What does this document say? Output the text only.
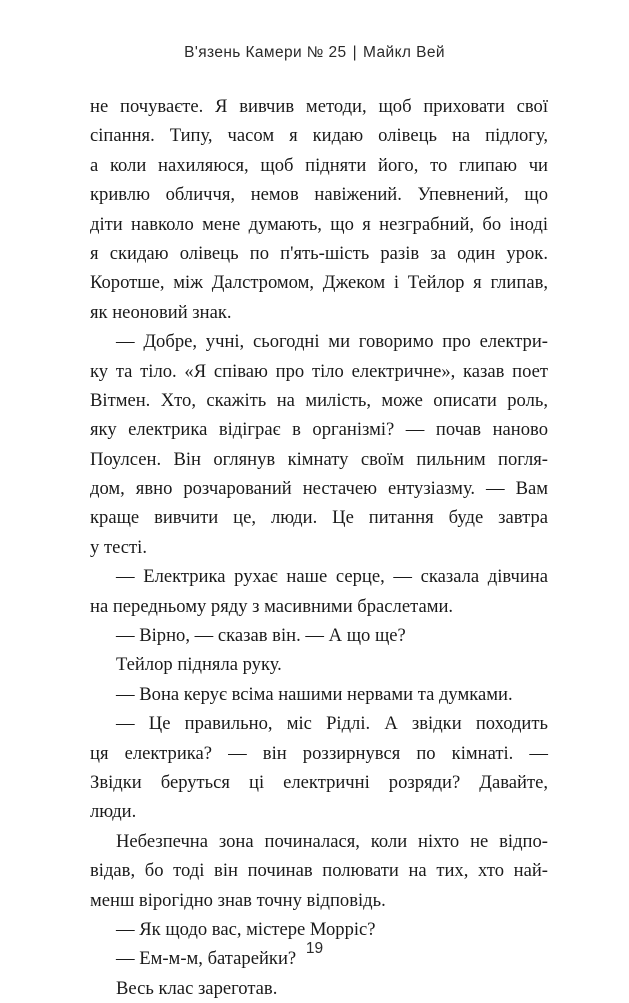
В'язень Камери № 25 | Майкл Вей
не почуваєте. Я вивчив методи, щоб приховати свої
сіпання. Типу, часом я кидаю олівець на підлогу,
а коли нахиляюся, щоб підняти його, то глипаю чи
кривлю обличчя, немов навіжений. Упевнений, що
діти навколо мене думають, що я незграбний, бо іноді
я скидаю олівець по п'ять-шість разів за один урок.
Коротше, між Далстромом, Джеком і Тейлор я глипав,
як неоновий знак.
— Добре, учні, сьогодні ми говоримо про електри-
ку та тіло. «Я співаю про тіло електричне», казав поет
Вітмен. Хто, скажіть на милість, може описати роль,
яку електрика відіграє в організмі? — почав наново
Поулсен. Він оглянув кімнату своїм пильним погля-
дом, явно розчарований нестачею ентузіазму. — Вам
краще вивчити це, люди. Це питання буде завтра
у тесті.
— Електрика рухає наше серце, — сказала дівчина
на передньому ряду з масивними браслетами.
— Вірно, — сказав він. — А що ще?
Тейлор підняла руку.
— Вона керує всіма нашими нервами та думками.
— Це правильно, міс Рідлі. А звідки походить
ця електрика? — він роззирнувся по кімнаті. —
Звідки беруться ці електричні розряди? Давайте,
люди.
Небезпечна зона починалася, коли ніхто не відпо-
відав, бо тоді він починав полювати на тих, хто най-
менш вірогідно знав точну відповідь.
— Як щодо вас, містере Морріс?
— Ем-м-м, батарейки?
Весь клас зареготав.
19
